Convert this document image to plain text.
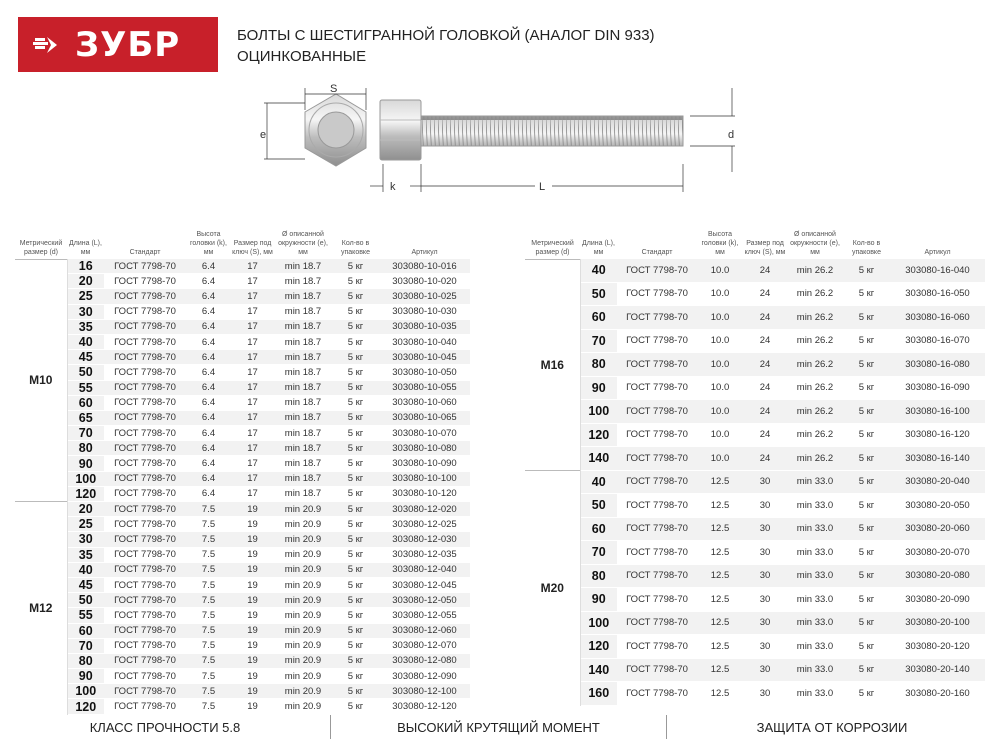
ЗУБР	БОЛТЫ С ШЕСТИГРАННОЙ ГОЛОВКОЙ (АНАЛОГ DIN 933)
ОЦИНКОВАННЫЕ
S
e
k	L
d
Метрический размер (d)	Длина (L), мм	Стандарт	Высота головки (k), мм	Размер под ключ (S), мм	Ø описанной окружности (e), мм	Кол-во в упаковке	Артикул
M10	16	ГОСТ 7798-70	6.4	17	min 18.7	5 кг	303080-10-016
	20	ГОСТ 7798-70	6.4	17	min 18.7	5 кг	303080-10-020
	25	ГОСТ 7798-70	6.4	17	min 18.7	5 кг	303080-10-025
	30	ГОСТ 7798-70	6.4	17	min 18.7	5 кг	303080-10-030
	35	ГОСТ 7798-70	6.4	17	min 18.7	5 кг	303080-10-035
	40	ГОСТ 7798-70	6.4	17	min 18.7	5 кг	303080-10-040
	45	ГОСТ 7798-70	6.4	17	min 18.7	5 кг	303080-10-045
	50	ГОСТ 7798-70	6.4	17	min 18.7	5 кг	303080-10-050
	55	ГОСТ 7798-70	6.4	17	min 18.7	5 кг	303080-10-055
	60	ГОСТ 7798-70	6.4	17	min 18.7	5 кг	303080-10-060
	65	ГОСТ 7798-70	6.4	17	min 18.7	5 кг	303080-10-065
	70	ГОСТ 7798-70	6.4	17	min 18.7	5 кг	303080-10-070
	80	ГОСТ 7798-70	6.4	17	min 18.7	5 кг	303080-10-080
	90	ГОСТ 7798-70	6.4	17	min 18.7	5 кг	303080-10-090
	100	ГОСТ 7798-70	6.4	17	min 18.7	5 кг	303080-10-100
	120	ГОСТ 7798-70	6.4	17	min 18.7	5 кг	303080-10-120
M12	20	ГОСТ 7798-70	7.5	19	min 20.9	5 кг	303080-12-020
	25	ГОСТ 7798-70	7.5	19	min 20.9	5 кг	303080-12-025
	30	ГОСТ 7798-70	7.5	19	min 20.9	5 кг	303080-12-030
	35	ГОСТ 7798-70	7.5	19	min 20.9	5 кг	303080-12-035
	40	ГОСТ 7798-70	7.5	19	min 20.9	5 кг	303080-12-040
	45	ГОСТ 7798-70	7.5	19	min 20.9	5 кг	303080-12-045
	50	ГОСТ 7798-70	7.5	19	min 20.9	5 кг	303080-12-050
	55	ГОСТ 7798-70	7.5	19	min 20.9	5 кг	303080-12-055
	60	ГОСТ 7798-70	7.5	19	min 20.9	5 кг	303080-12-060
	70	ГОСТ 7798-70	7.5	19	min 20.9	5 кг	303080-12-070
	80	ГОСТ 7798-70	7.5	19	min 20.9	5 кг	303080-12-080
	90	ГОСТ 7798-70	7.5	19	min 20.9	5 кг	303080-12-090
	100	ГОСТ 7798-70	7.5	19	min 20.9	5 кг	303080-12-100
	120	ГОСТ 7798-70	7.5	19	min 20.9	5 кг	303080-12-120
Метрический размер (d)	Длина (L), мм	Стандарт	Высота головки (k), мм	Размер под ключ (S), мм	Ø описанной окружности (e), мм	Кол-во в упаковке	Артикул
M16	40	ГОСТ 7798-70	10.0	24	min 26.2	5 кг	303080-16-040
	50	ГОСТ 7798-70	10.0	24	min 26.2	5 кг	303080-16-050
	60	ГОСТ 7798-70	10.0	24	min 26.2	5 кг	303080-16-060
	70	ГОСТ 7798-70	10.0	24	min 26.2	5 кг	303080-16-070
	80	ГОСТ 7798-70	10.0	24	min 26.2	5 кг	303080-16-080
	90	ГОСТ 7798-70	10.0	24	min 26.2	5 кг	303080-16-090
	100	ГОСТ 7798-70	10.0	24	min 26.2	5 кг	303080-16-100
	120	ГОСТ 7798-70	10.0	24	min 26.2	5 кг	303080-16-120
	140	ГОСТ 7798-70	10.0	24	min 26.2	5 кг	303080-16-140
M20	40	ГОСТ 7798-70	12.5	30	min 33.0	5 кг	303080-20-040
	50	ГОСТ 7798-70	12.5	30	min 33.0	5 кг	303080-20-050
	60	ГОСТ 7798-70	12.5	30	min 33.0	5 кг	303080-20-060
	70	ГОСТ 7798-70	12.5	30	min 33.0	5 кг	303080-20-070
	80	ГОСТ 7798-70	12.5	30	min 33.0	5 кг	303080-20-080
	90	ГОСТ 7798-70	12.5	30	min 33.0	5 кг	303080-20-090
	100	ГОСТ 7798-70	12.5	30	min 33.0	5 кг	303080-20-100
	120	ГОСТ 7798-70	12.5	30	min 33.0	5 кг	303080-20-120
	140	ГОСТ 7798-70	12.5	30	min 33.0	5 кг	303080-20-140
	160	ГОСТ 7798-70	12.5	30	min 33.0	5 кг	303080-20-160
КЛАСС ПРОЧНОСТИ 5.8	ВЫСОКИЙ КРУТЯЩИЙ МОМЕНТ	ЗАЩИТА ОТ КОРРОЗИИ
